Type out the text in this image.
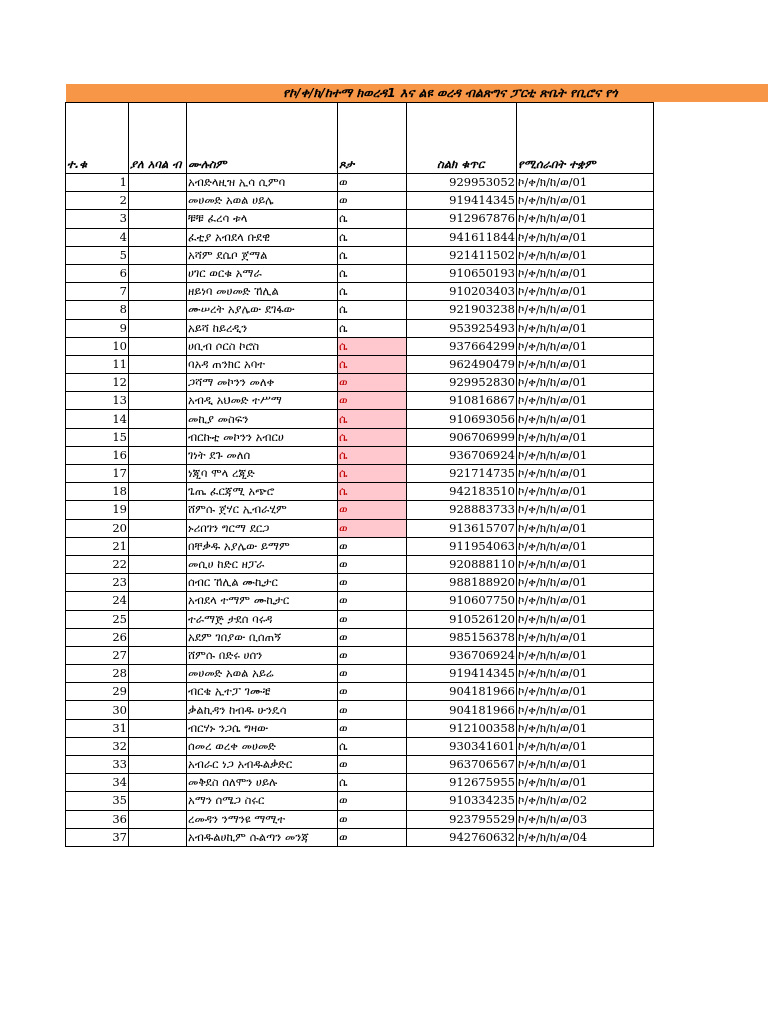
የኮ/ቀ/ክ/ከተማ ክወረዳ1 እና ልዩ ወረዳ ብልጽግና ፓርቲ ጽቤት የቢሮና የጎ
ተ.ቁ	ያለ አባል ብ	ሙሉስም	ጾታ	ስልክ ቁጥር	የሚሰራበት ተቋም
1		አብድላዚዝ ኢሳ ሲምባ	ወ	929953052	ኮ/ቀ/ክ/ከ/ወ/01
2		መሀመድ አወል ሀይሌ	ወ	919414345	ኮ/ቀ/ክ/ከ/ወ/01
3		ቹቹ ፈረሳ ቱላ	ሴ	912967876	ኮ/ቀ/ክ/ከ/ወ/01
4		ፈቲያ አብደላ ቡደዊ	ሴ	941611844	ኮ/ቀ/ክ/ከ/ወ/01
5		አሻም ደሴቦ ጀማል	ሴ	921411502	ኮ/ቀ/ክ/ከ/ወ/01
6		ሀገር ወርቁ አማራ	ሴ	910650193	ኮ/ቀ/ክ/ከ/ወ/01
7		ዘይነባ መሀመድ ኸሊል	ሴ	910203403	ኮ/ቀ/ክ/ከ/ወ/01
8		ሙሠረት አያሌው ደገፋው	ሴ	921903238	ኮ/ቀ/ክ/ከ/ወ/01
9		አይሻ ከይረዲን	ሴ	953925493	ኮ/ቀ/ክ/ከ/ወ/01
10		ሀቢብ ሶርስ ኮሮስ	ሴ	937664299	ኮ/ቀ/ክ/ከ/ወ/01
11		ባአዳ ጠንክር አባተ	ሴ	962490479	ኮ/ቀ/ክ/ከ/ወ/01
12		ጋሻማ መኮንን መለቀ	ወ	929952830	ኮ/ቀ/ክ/ከ/ወ/01
13		አብዲ አህመድ ተሥማ	ወ	910816867	ኮ/ቀ/ክ/ከ/ወ/01
14		መኪያ መስፍን	ሴ	910693056	ኮ/ቀ/ክ/ከ/ወ/01
15		ብርኩቲ መኮንን አብርሀ	ሴ	906706999	ኮ/ቀ/ክ/ከ/ወ/01
16		ገነት ደጉ መለሰ	ሴ	936706924	ኮ/ቀ/ክ/ከ/ወ/01
17		ነጂባ ሞላ ረጂድ	ሴ	921714735	ኮ/ቀ/ክ/ከ/ወ/01
18		ጌጤ ፈርጃሚ አጭሮ	ሴ	942183510	ኮ/ቀ/ክ/ከ/ወ/01
19		ሸምሱ ጀሃር ኢብራሂም	ወ	928883733	ኮ/ቀ/ክ/ከ/ወ/01
20		ኑሪበገን ግርማ ደርጋ	ወ	913615707	ኮ/ቀ/ክ/ከ/ወ/01
21		በቸቃዱ አያሌው ይማም	ወ	911954063	ኮ/ቀ/ክ/ከ/ወ/01
22		መሲሀ ከድር ዘፓራ	ወ	920888110	ኮ/ቀ/ክ/ከ/ወ/01
23		ሰብር ኸሊል ሙኪታር	ወ	988188920	ኮ/ቀ/ክ/ከ/ወ/01
24		አብደላ ተማም ሙኪታር	ወ	910607750	ኮ/ቀ/ክ/ከ/ወ/01
25		ተራማጅ ታደሰ ባሩዳ	ወ	910526120	ኮ/ቀ/ክ/ከ/ወ/01
26		አደም ገበያው ቢሰጠኝ	ወ	985156378	ኮ/ቀ/ክ/ከ/ወ/01
27		ሸምሱ በድሩ ሀሰን	ወ	936706924	ኮ/ቀ/ክ/ከ/ወ/01
28		መሀመድ አወል አይሬ	ወ	919414345	ኮ/ቀ/ክ/ከ/ወ/01
29		ብርቄ ኢተፓ ገሙቼ	ወ	904181966	ኮ/ቀ/ክ/ከ/ወ/01
30		ቃልኪዳን ከብዱ ሁንዴሳ	ወ	904181966	ኮ/ቀ/ክ/ከ/ወ/01
31		ብርሃኑ ንጋሴ ግዛው	ወ	912100358	ኮ/ቀ/ክ/ከ/ወ/01
32		ሰመረ ወረቀ መሀመድ	ሴ	930341601	ኮ/ቀ/ክ/ከ/ወ/01
33		አብራር ነጋ አብዱልቃድር	ወ	963706567	ኮ/ቀ/ክ/ከ/ወ/01
34		መቅደስ ሰለሞን ሀይሉ	ሴ	912675955	ኮ/ቀ/ክ/ከ/ወ/01
35		አማን ሰሜጋ ስሩር	ወ	910334235	ኮ/ቀ/ክ/ከ/ወ/02
36		ረመዳን ንማንዩ ማሚተ	ወ	923795529	ኮ/ቀ/ክ/ከ/ወ/03
37		አብዱልሀኪም ሱልጣን መንጃ	ወ	942760632	ኮ/ቀ/ክ/ከ/ወ/04
